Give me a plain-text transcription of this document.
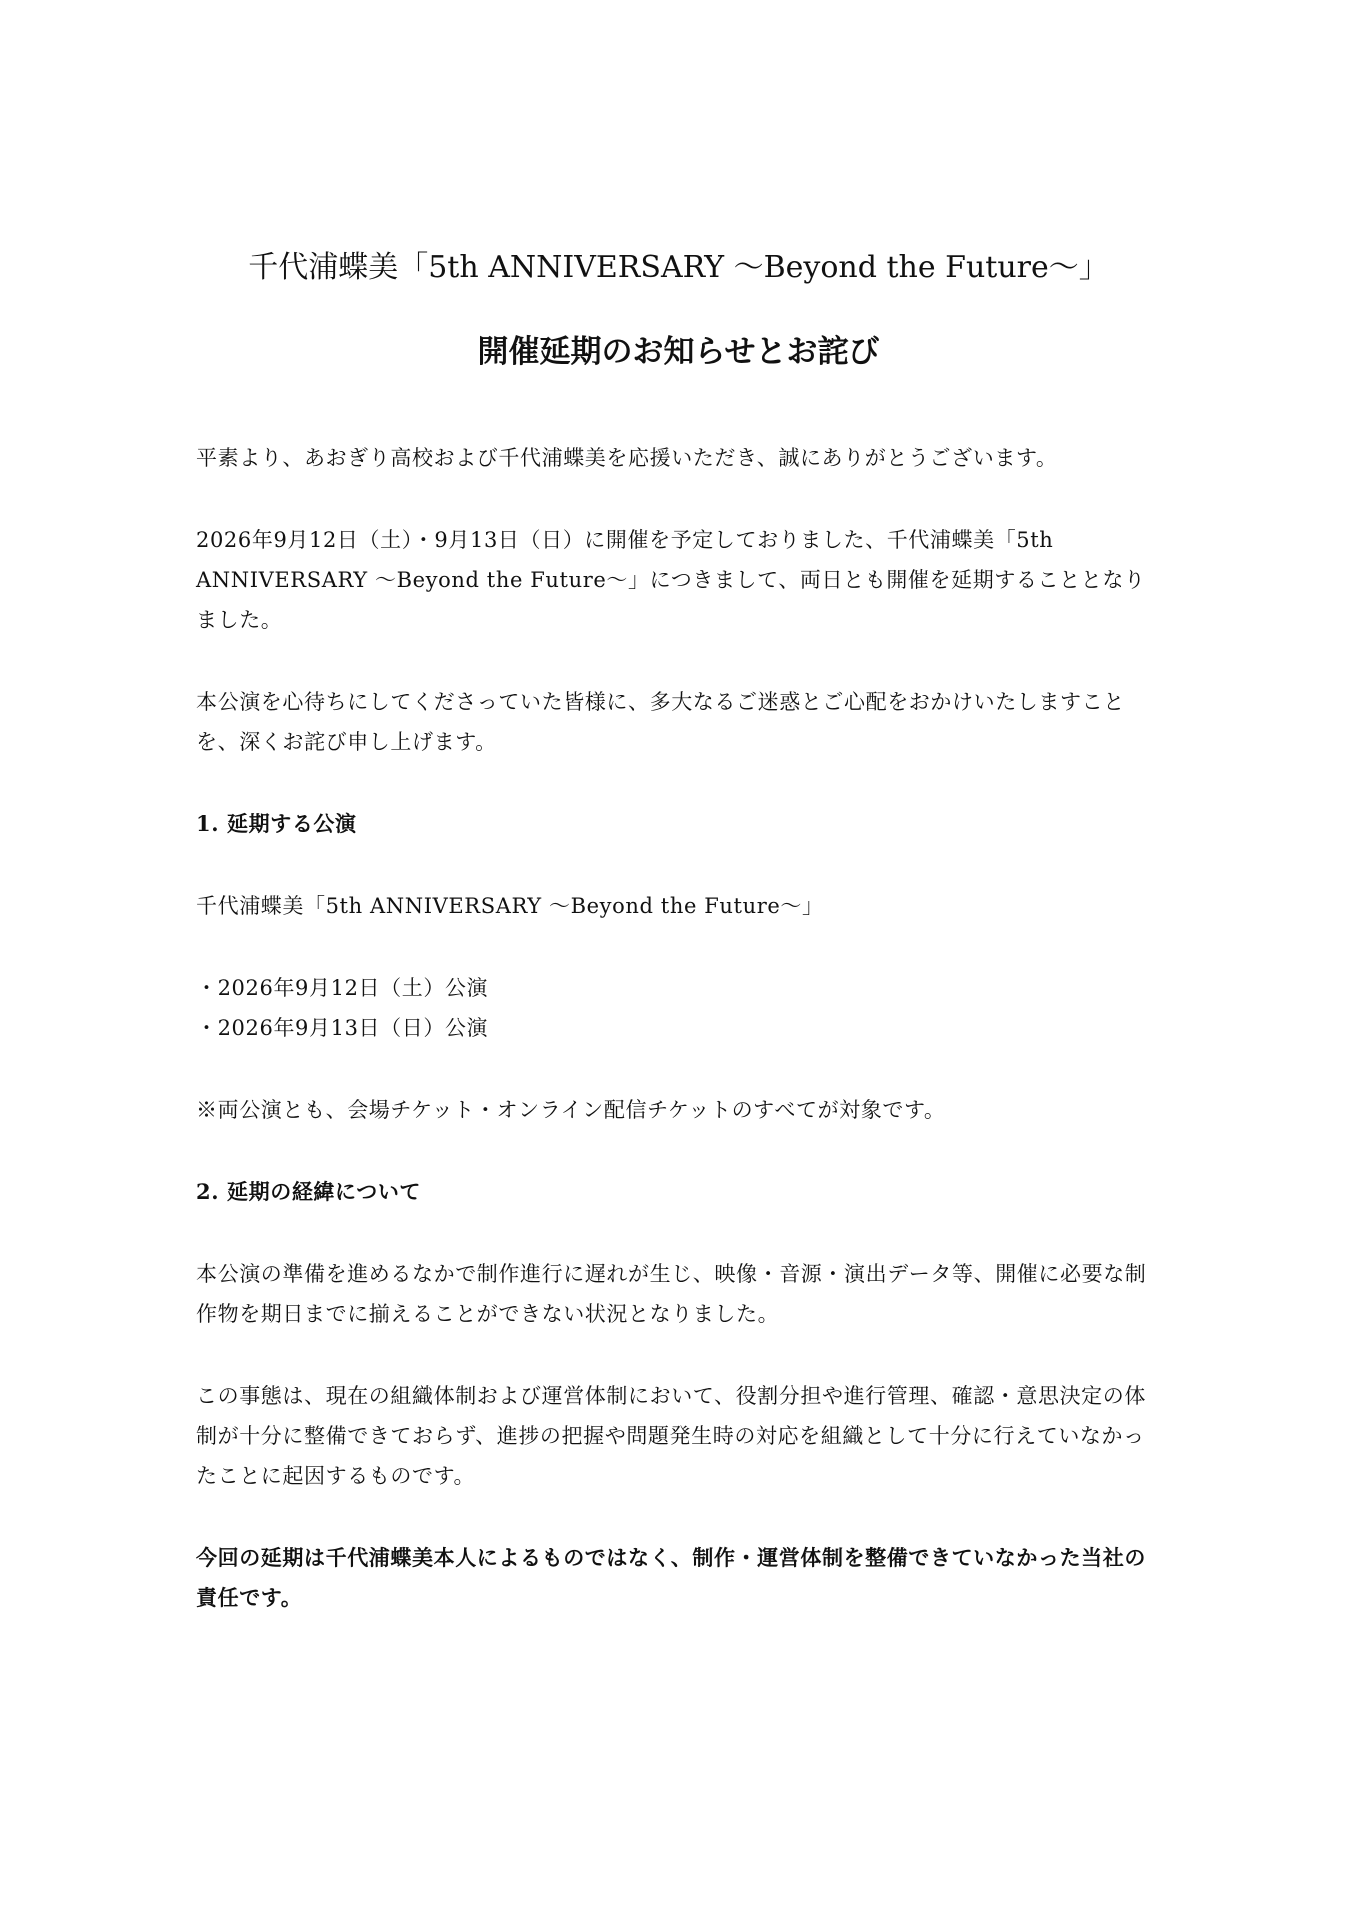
千代浦蝶美「5th ANNIVERSARY 〜Beyond the Future〜」
開催延期のお知らせとお詫び

平素より、あおぎり高校および千代浦蝶美を応援いただき、誠にありがとうございます。

2026年9月12日（土）・9月13日（日）に開催を予定しておりました、千代浦蝶美「5th ANNIVERSARY 〜Beyond the Future〜」につきまして、両日とも開催を延期することとなりました。

本公演を心待ちにしてくださっていた皆様に、多大なるご迷惑とご心配をおかけいたしますことを、深くお詫び申し上げます。

1. 延期する公演

千代浦蝶美「5th ANNIVERSARY 〜Beyond the Future〜」

・2026年9月12日（土）公演
・2026年9月13日（日）公演

※両公演とも、会場チケット・オンライン配信チケットのすべてが対象です。

2. 延期の経緯について

本公演の準備を進めるなかで制作進行に遅れが生じ、映像・音源・演出データ等、開催に必要な制作物を期日までに揃えることができない状況となりました。

この事態は、現在の組織体制および運営体制において、役割分担や進行管理、確認・意思決定の体制が十分に整備できておらず、進捗の把握や問題発生時の対応を組織として十分に行えていなかったことに起因するものです。

今回の延期は千代浦蝶美本人によるものではなく、制作・運営体制を整備できていなかった当社の責任です。
